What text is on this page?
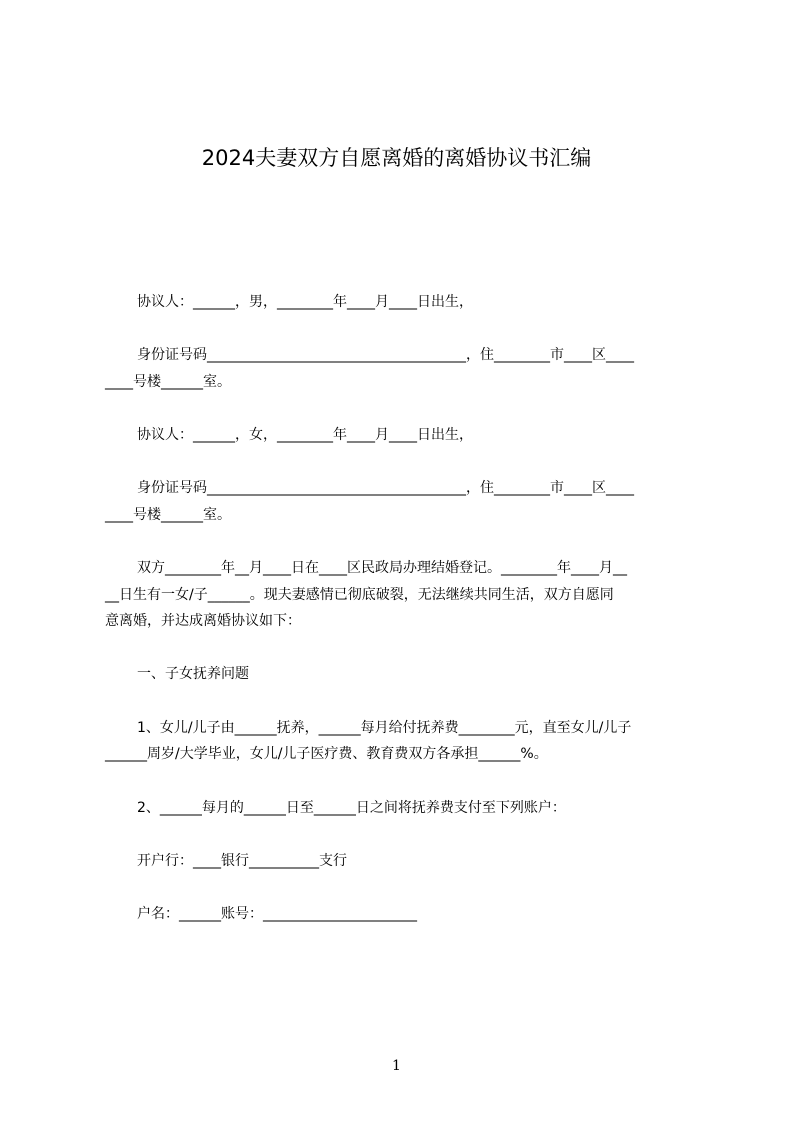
2024夫妻双方自愿离婚的离婚协议书汇编
协议人：______，男，________年____月____日出生，
身份证号码_____________________________________，住________市____区____
____号楼______室。
协议人：______，女，________年____月____日出生，
身份证号码_____________________________________，住________市____区____
____号楼______室。
双方________年__月____日在____区民政局办理结婚登记。________年____月__
__日生有一女/子______。现夫妻感情已彻底破裂，无法继续共同生活，双方自愿同
意离婚，并达成离婚协议如下：
一、子女抚养问题
1、女儿/儿子由______抚养，______每月给付抚养费________元，直至女儿/儿子
______周岁/大学毕业，女儿/儿子医疗费、教育费双方各承担______%。
2、______每月的______日至______日之间将抚养费支付至下列账户：
开户行：____银行__________支行
户名：______账号：______________________
1
